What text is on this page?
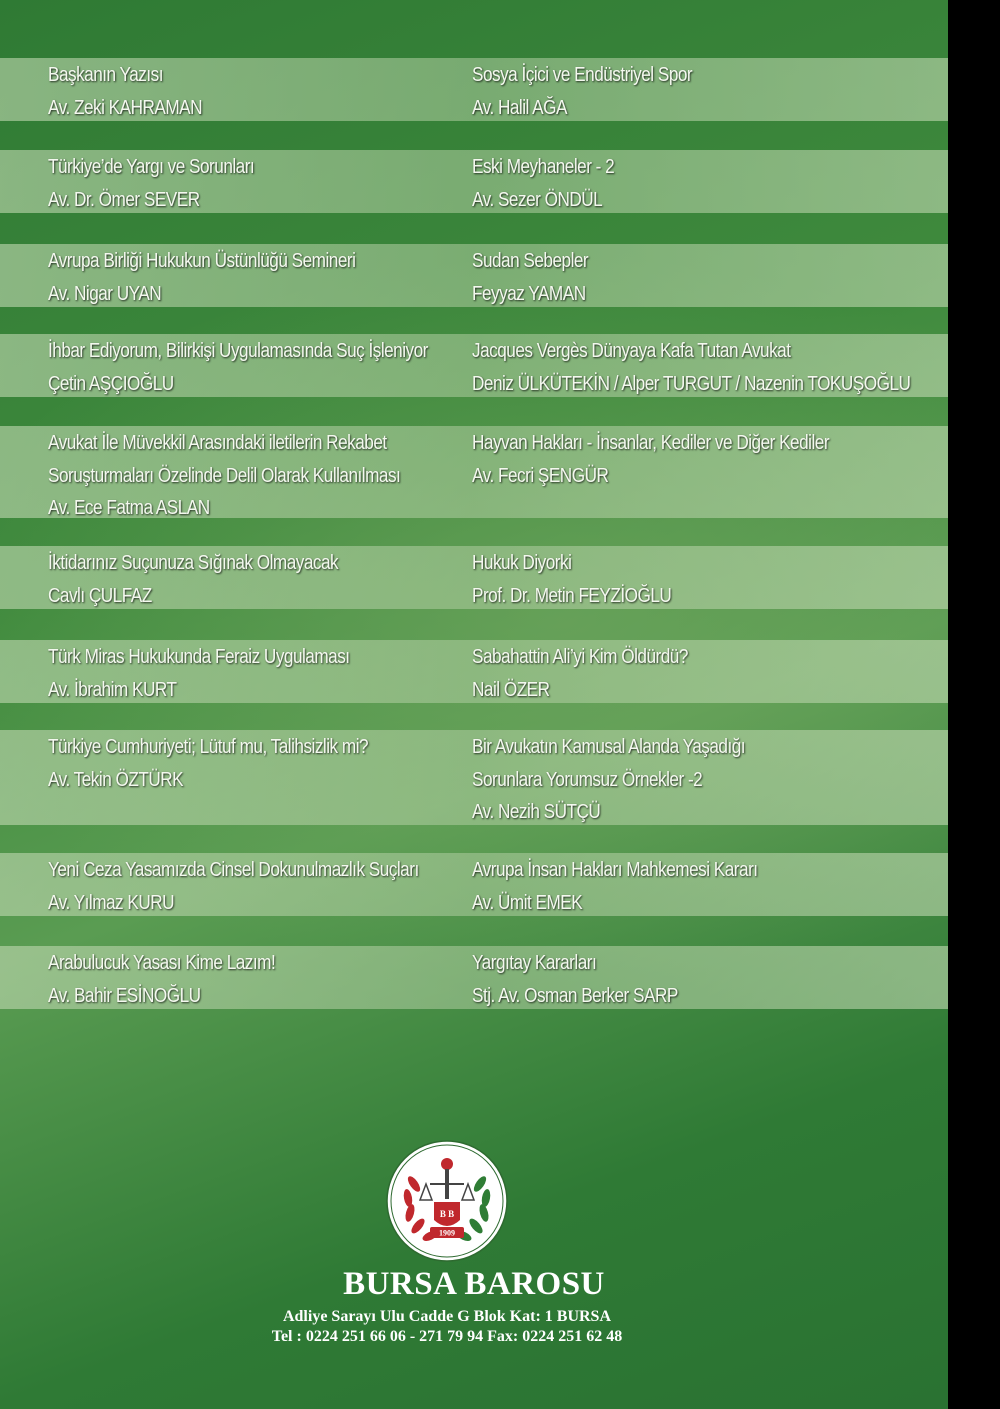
Başkanın Yazısı
Av. Zeki KAHRAMAN
Sosya İçici ve Endüstriyel Spor
Av. Halil AĞA
Türkiye’de Yargı ve Sorunları
Av. Dr. Ömer SEVER
Eski Meyhaneler - 2
Av. Sezer ÖNDÜL
Avrupa Birliği Hukukun Üstünlüğü Semineri
Av. Nigar UYAN
Sudan Sebepler
Feyyaz YAMAN
İhbar Ediyorum, Bilirkişi Uygulamasında Suç İşleniyor
Çetin AŞÇIOĞLU
Jacques Vergès Dünyaya Kafa Tutan Avukat
Deniz ÜLKÜTEKİN / Alper TURGUT / Nazenin TOKUŞOĞLU
Avukat İle Müvekkil Arasındaki iletilerin Rekabet
Soruşturmaları Özelinde Delil Olarak Kullanılması
Av. Ece Fatma ASLAN
Hayvan Hakları - İnsanlar, Kediler ve Diğer Kediler
Av. Fecri ŞENGÜR
İktidarınız Suçunuza Sığınak Olmayacak
Cavlı ÇULFAZ
Hukuk Diyorki
Prof. Dr. Metin FEYZİOĞLU
Türk Miras Hukukunda Feraiz Uygulaması
Av. İbrahim KURT
Sabahattin Ali’yi Kim Öldürdü?
Nail ÖZER
Türkiye Cumhuriyeti; Lütuf mu, Talihsizlik mi?
Av. Tekin ÖZTÜRK
Bir Avukatın Kamusal Alanda Yaşadığı
Sorunlara Yorumsuz Örnekler -2
Av. Nezih SÜTÇÜ
Yeni Ceza Yasamızda Cinsel Dokunulmazlık Suçları
Av. Yılmaz KURU
Avrupa İnsan Hakları Mahkemesi Kararı
Av. Ümit EMEK
Arabulucuk Yasası Kime Lazım!
Av. Bahir ESİNOĞLU
Yargıtay Kararları
Stj. Av. Osman Berker SARP
B B
1909
BURSA BAROSU
Adliye Sarayı Ulu Cadde G Blok Kat: 1 BURSA
Tel : 0224 251 66 06 - 271 79 94 Fax: 0224 251 62 48
